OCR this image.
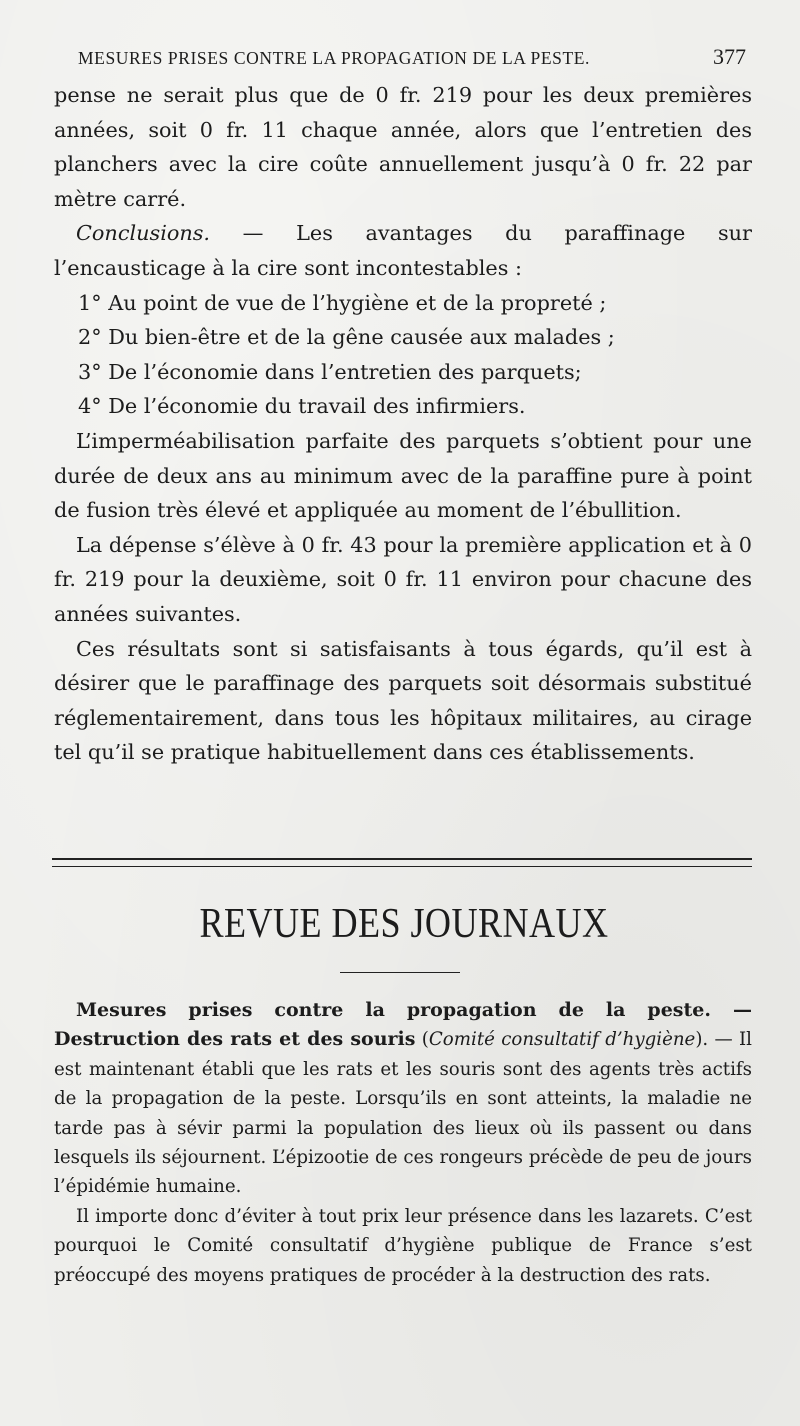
MESURES PRISES CONTRE LA PROPAGATION DE LA PESTE.	377

pense ne serait plus que de 0 fr. 219 pour les deux premières années, soit 0 fr. 11 chaque année, alors que l’entretien des planchers avec la cire coûte annuellement jusqu’à 0 fr. 22 par mètre carré.

Conclusions. — Les avantages du paraffinage sur l’encausticage à la cire sont incontestables :

1° Au point de vue de l’hygiène et de la propreté ;

2° Du bien-être et de la gêne causée aux malades ;

3° De l’économie dans l’entretien des parquets;

4° De l’économie du travail des infirmiers.

L’imperméabilisation parfaite des parquets s’obtient pour une durée de deux ans au minimum avec de la paraffine pure à point de fusion très élevé et appliquée au moment de l’ébullition.

La dépense s’élève à 0 fr. 43 pour la première application et à 0 fr. 219 pour la deuxième, soit 0 fr. 11 environ pour chacune des années suivantes.

Ces résultats sont si satisfaisants à tous égards, qu’il est à désirer que le paraffinage des parquets soit désormais substitué réglementairement, dans tous les hôpitaux militaires, au cirage tel qu’il se pratique habituellement dans ces établissements.

REVUE DES JOURNAUX

Mesures prises contre la propagation de la peste. — Destruction des rats et des souris (Comité consultatif d’hygiène). — Il est maintenant établi que les rats et les souris sont des agents très actifs de la propagation de la peste. Lorsqu’ils en sont atteints, la maladie ne tarde pas à sévir parmi la population des lieux où ils passent ou dans lesquels ils séjournent. L’épizootie de ces rongeurs précède de peu de jours l’épidémie humaine.

Il importe donc d’éviter à tout prix leur présence dans les lazarets. C’est pourquoi le Comité consultatif d’hygiène publique de France s’est préoccupé des moyens pratiques de procéder à la destruction des rats.
